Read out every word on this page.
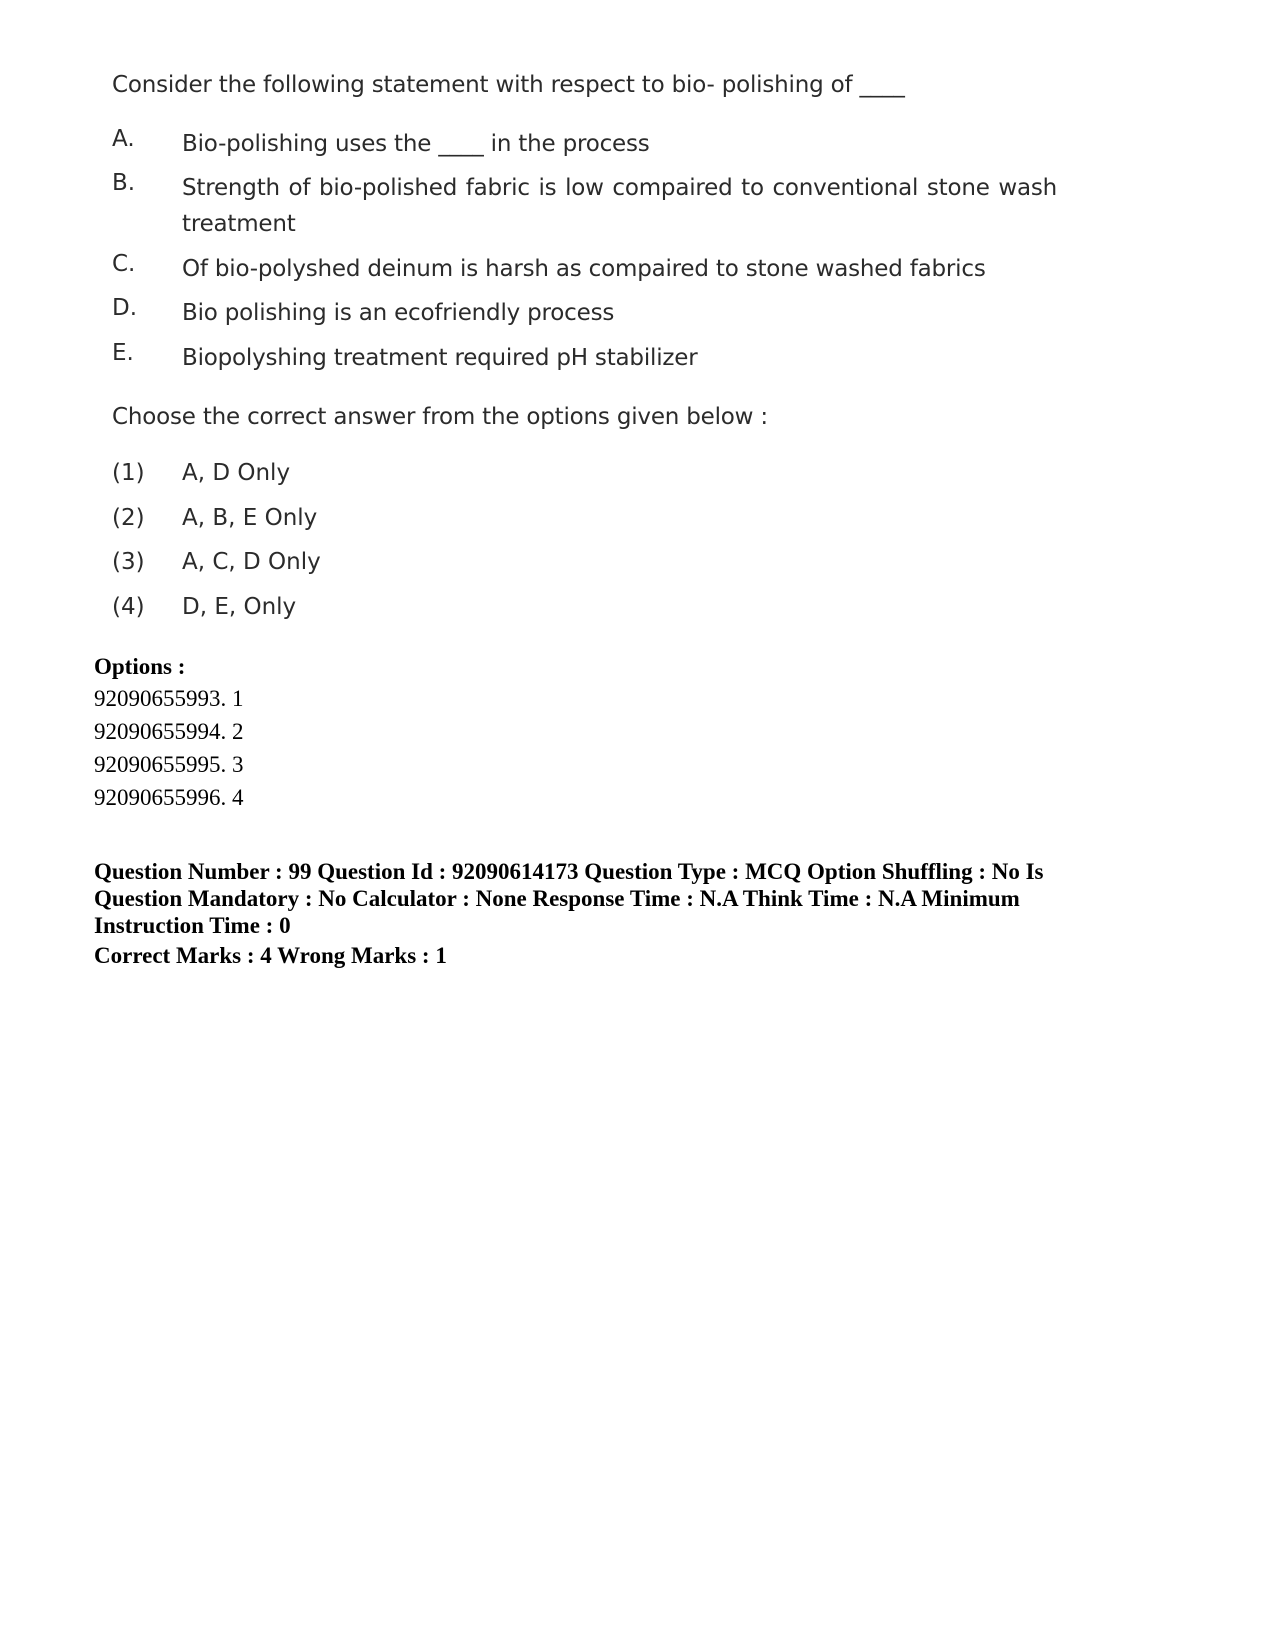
Consider the following statement with respect to bio- polishing of ____
A. Bio-polishing uses the ____ in the process
B. Strength of bio-polished fabric is low compaired to conventional stone wash treatment
C. Of bio-polyshed deinum is harsh as compaired to stone washed fabrics
D. Bio polishing is an ecofriendly process
E. Biopolyshing treatment required pH stabilizer
Choose the correct answer from the options given below :
(1) A, D Only
(2) A, B, E Only
(3) A, C, D Only
(4) D, E, Only
Options :
92090655993. 1
92090655994. 2
92090655995. 3
92090655996. 4
Question Number : 99 Question Id : 92090614173 Question Type : MCQ Option Shuffling : No Is Question Mandatory : No Calculator : None Response Time : N.A Think Time : N.A Minimum Instruction Time : 0
Correct Marks : 4 Wrong Marks : 1
